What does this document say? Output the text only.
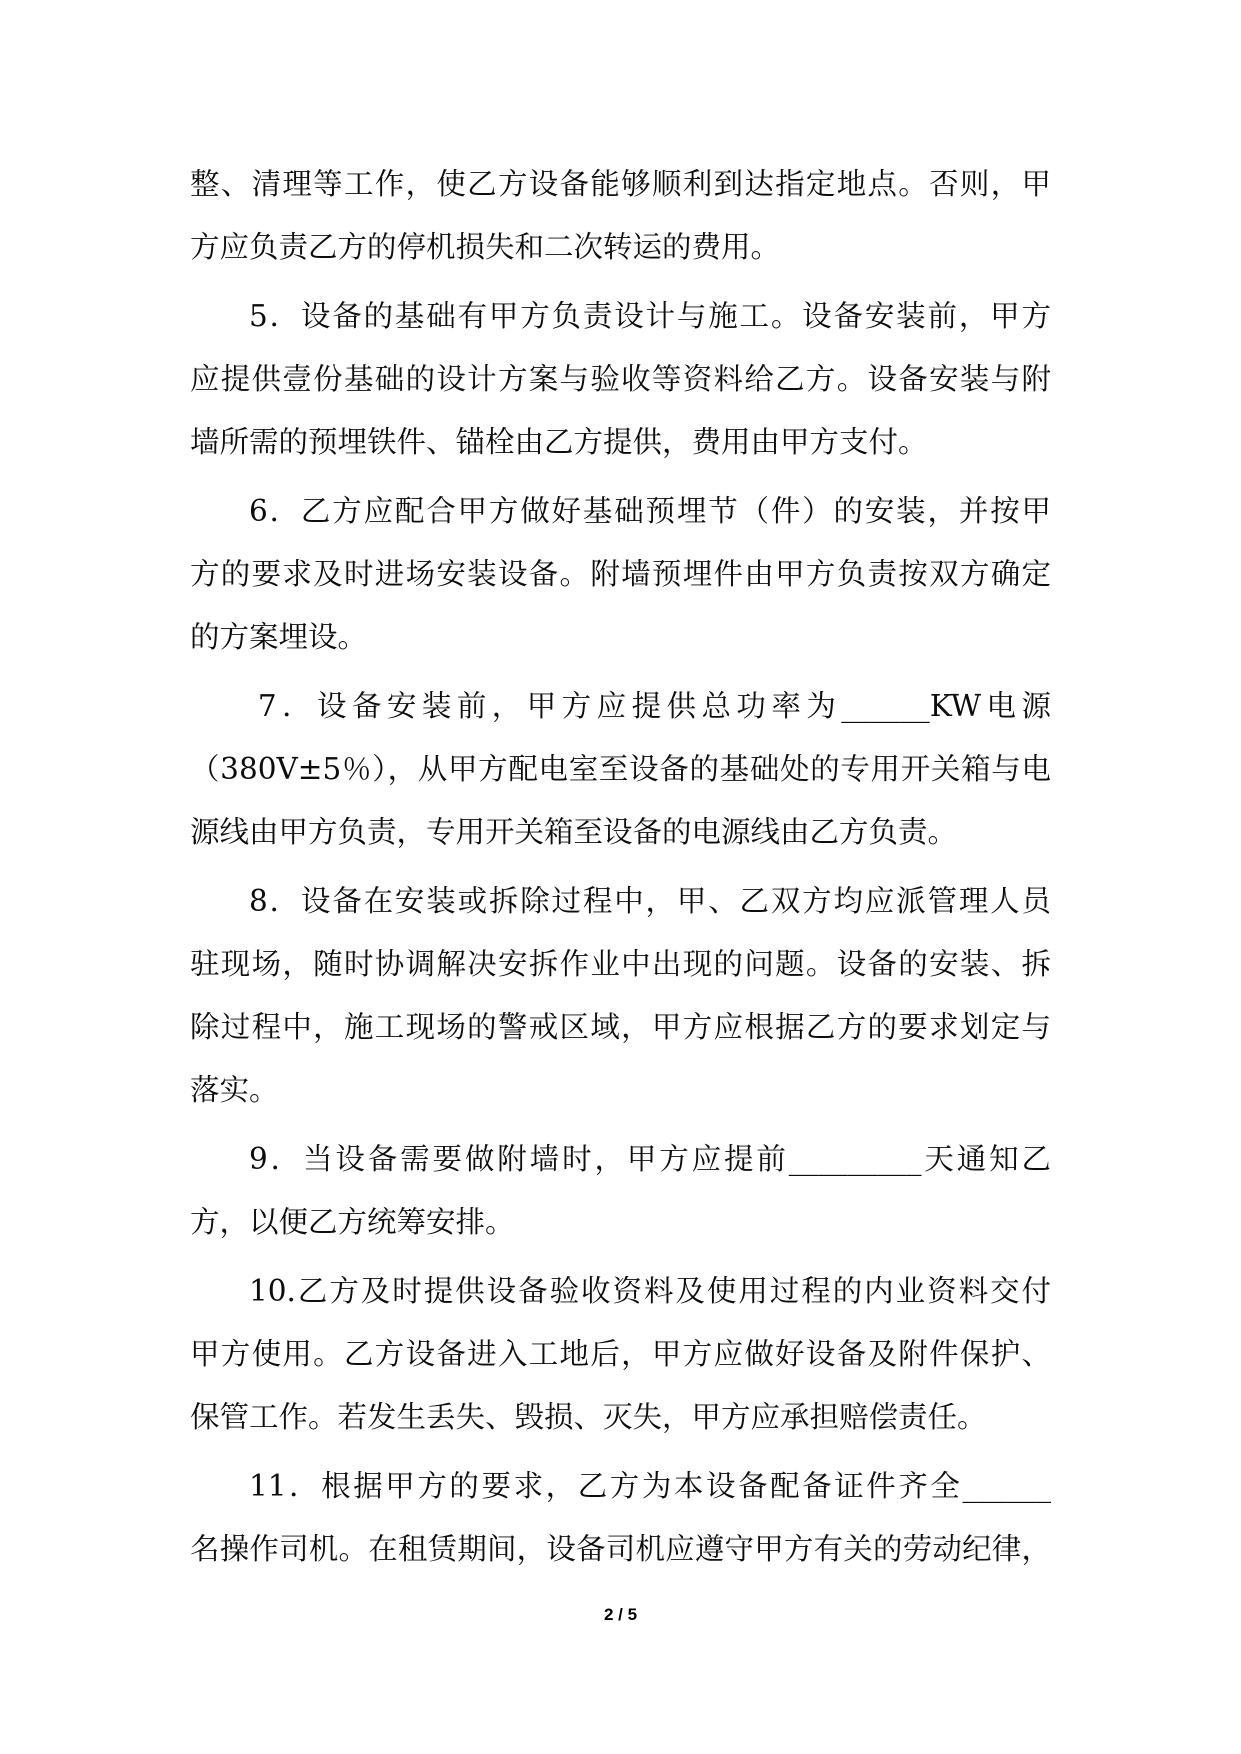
整、清理等工作，使乙方设备能够顺利到达指定地点。否则，甲
方应负责乙方的停机损失和二次转运的费用。
5．设备的基础有甲方负责设计与施工。设备安装前，甲方
应提供壹份基础的设计方案与验收等资料给乙方。设备安装与附
墙所需的预埋铁件、锚栓由乙方提供，费用由甲方支付。
6．乙方应配合甲方做好基础预埋节（件）的安装，并按甲
方的要求及时进场安装设备。附墙预埋件由甲方负责按双方确定
的方案埋设。
7．设备安装前，甲方应提供总功率为______KW电源
（380V±5％），从甲方配电室至设备的基础处的专用开关箱与电
源线由甲方负责，专用开关箱至设备的电源线由乙方负责。
8．设备在安装或拆除过程中，甲、乙双方均应派管理人员
驻现场，随时协调解决安拆作业中出现的问题。设备的安装、拆
除过程中，施工现场的警戒区域，甲方应根据乙方的要求划定与
落实。
9．当设备需要做附墙时，甲方应提前_________天通知乙
方，以便乙方统筹安排。
10.乙方及时提供设备验收资料及使用过程的内业资料交付
甲方使用。乙方设备进入工地后，甲方应做好设备及附件保护、
保管工作。若发生丢失、毁损、灭失，甲方应承担赔偿责任。
11．根据甲方的要求，乙方为本设备配备证件齐全______
名操作司机。在租赁期间，设备司机应遵守甲方有关的劳动纪律，
2 / 5
